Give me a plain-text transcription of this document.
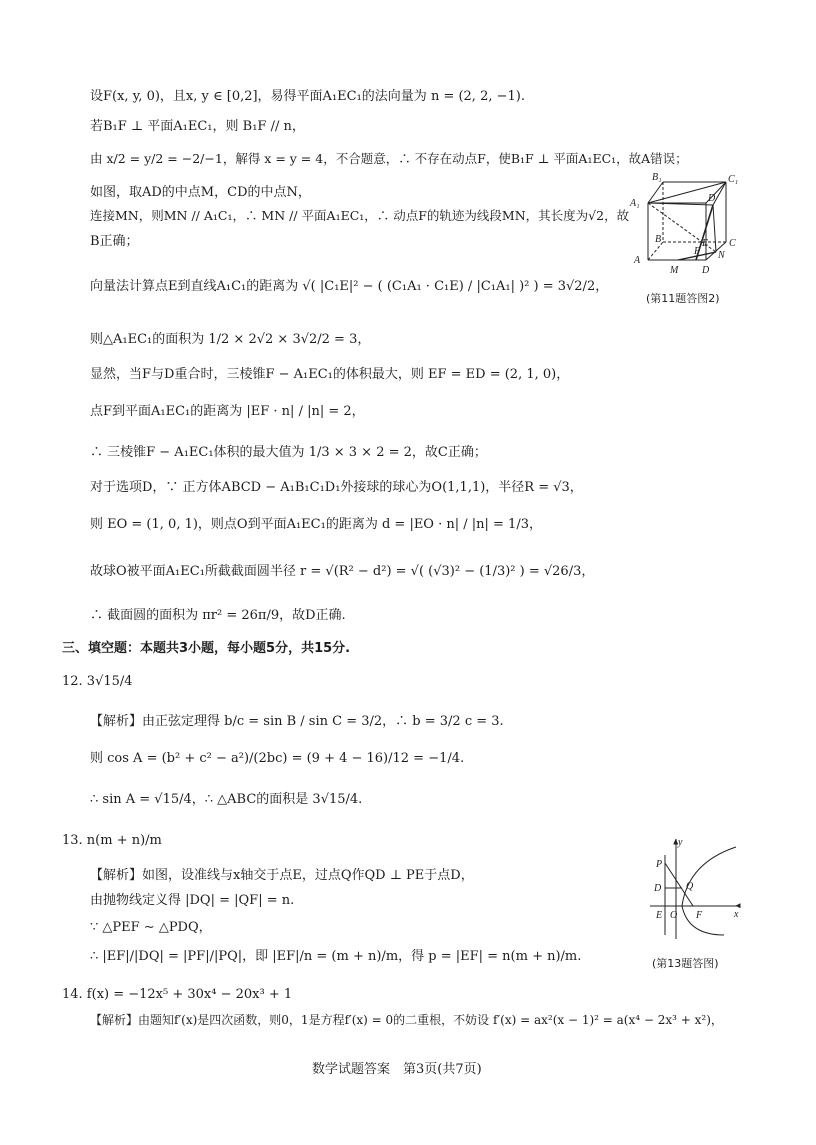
设F(x, y, 0)，且x, y ∈ [0,2]，易得平面A₁EC₁的法向量为 n = (2, 2, −1).
若B₁F ⊥ 平面A₁EC₁，则 B₁F // n，
由 x/2 = y/2 = −2/−1，解得 x = y = 4，不合题意，∴ 不存在动点F，使B₁F ⊥ 平面A₁EC₁，故A错误；
如图，取AD的中点M，CD的中点N，
连接MN，则MN // A₁C₁，∴ MN // 平面A₁EC₁，∴ 动点F的轨迹为线段MN，其长度为√2，故
B正确；
向量法计算点E到直线A₁C₁的距离为 √( |C₁E|² − ( (C₁A₁ · C₁E) / |C₁A₁| )² ) = 3√2/2，
则△A₁EC₁的面积为 1/2 × 2√2 × 3√2/2 = 3，
显然，当F与D重合时，三棱锥F − A₁EC₁的体积最大，则 EF = ED = (2, 1, 0)，
点F到平面A₁EC₁的距离为 |EF · n| / |n| = 2，
∴ 三棱锥F − A₁EC₁体积的最大值为 1/3 × 3 × 2 = 2，故C正确；
对于选项D，∵ 正方体ABCD − A₁B₁C₁D₁外接球的球心为O(1,1,1)，半径R = √3，
则 EO = (1, 0, 1)，则点O到平面A₁EC₁的距离为 d = |EO · n| / |n| = 1/3，
故球O被平面A₁EC₁所截截面圆半径 r = √(R² − d²) = √( (√3)² − (1/3)² ) = √26/3，
∴ 截面圆的面积为 πr² = 26π/9，故D正确.
三、填空题：本题共3小题，每小题5分，共15分.
12. 3√15/4
【解析】由正弦定理得 b/c = sin B / sin C = 3/2，∴ b = 3/2 c = 3.
则 cos A = (b² + c² − a²)/(2bc) = (9 + 4 − 16)/12 = −1/4.
∴ sin A = √15/4，∴ △ABC的面积是 3√15/4.
13. n(m + n)/m
【解析】如图，设准线与x轴交于点E，过点Q作QD ⊥ PE于点D，
由抛物线定义得 |DQ| = |QF| = n.
∵ △PEF ∼ △PDQ，
∴ |EF|/|DQ| = |PF|/|PQ|，即 |EF|/n = (m + n)/m，得 p = |EF| = n(m + n)/m.
14. f(x) = −12x⁵ + 30x⁴ − 20x³ + 1
【解析】由题知f′(x)是四次函数，则0，1是方程f′(x) = 0的二重根，不妨设 f′(x) = ax²(x − 1)² = a(x⁴ − 2x³ + x²)，
B₁	C₁
D
A₁
B	C
A
M
F
E
N
D
(第11题答图2)
y
P
D Q
E O F	x
(第13题答图)
数学试题答案　第3页(共7页)
